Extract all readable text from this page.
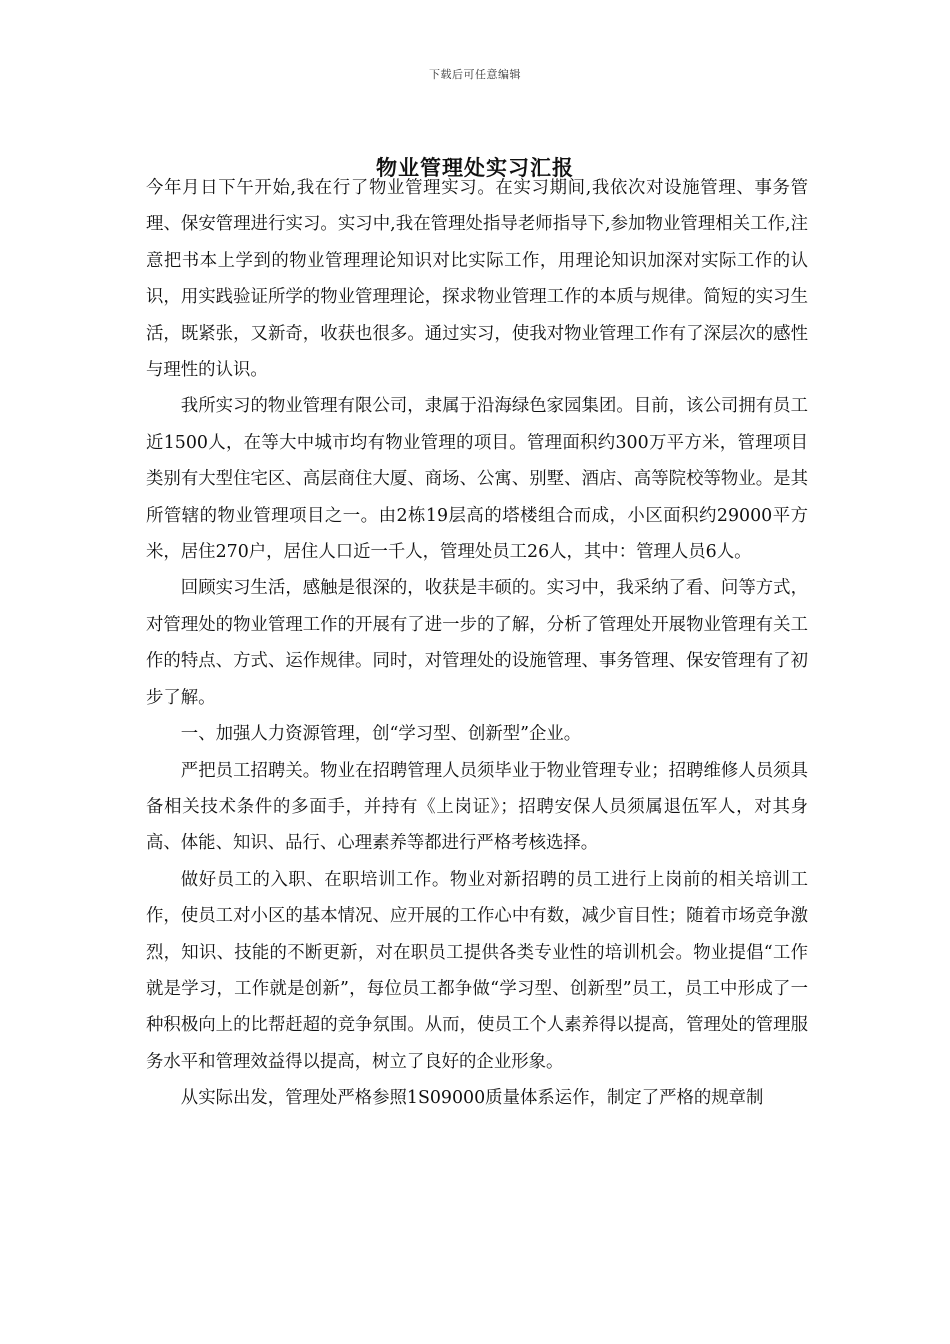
下载后可任意编辑
物业管理处实习汇报

今年月日下午开始,我在行了物业管理实习。在实习期间,我依次对设施管理、事务管理、保安管理进行实习。实习中,我在管理处指导老师指导下,参加物业管理相关工作,注意把书本上学到的物业管理理论知识对比实际工作，用理论知识加深对实际工作的认识，用实践验证所学的物业管理理论，探求物业管理工作的本质与规律。简短的实习生活，既紧张，又新奇，收获也很多。通过实习，使我对物业管理工作有了深层次的感性与理性的认识。

我所实习的物业管理有限公司，隶属于沿海绿色家园集团。目前，该公司拥有员工近1500人，在等大中城市均有物业管理的项目。管理面积约300万平方米，管理项目类别有大型住宅区、高层商住大厦、商场、公寓、别墅、酒店、高等院校等物业。是其所管辖的物业管理项目之一。由2栋19层高的塔楼组合而成，小区面积约29000平方米，居住270户，居住人口近一千人，管理处员工26人，其中：管理人员6人。

回顾实习生活，感触是很深的，收获是丰硕的。实习中，我采纳了看、问等方式，对管理处的物业管理工作的开展有了进一步的了解，分析了管理处开展物业管理有关工作的特点、方式、运作规律。同时，对管理处的设施管理、事务管理、保安管理有了初步了解。

一、加强人力资源管理，创“学习型、创新型”企业。

严把员工招聘关。物业在招聘管理人员须毕业于物业管理专业；招聘维修人员须具备相关技术条件的多面手，并持有《上岗证》；招聘安保人员须属退伍军人，对其身高、体能、知识、品行、心理素养等都进行严格考核选择。

做好员工的入职、在职培训工作。物业对新招聘的员工进行上岗前的相关培训工作，使员工对小区的基本情况、应开展的工作心中有数，减少盲目性；随着市场竞争激烈，知识、技能的不断更新，对在职员工提供各类专业性的培训机会。物业提倡“工作就是学习，工作就是创新”，每位员工都争做“学习型、创新型”员工，员工中形成了一种积极向上的比帮赶超的竞争氛围。从而，使员工个人素养得以提高，管理处的管理服务水平和管理效益得以提高，树立了良好的企业形象。

从实际出发，管理处严格参照1S09000质量体系运作，制定了严格的规章制
